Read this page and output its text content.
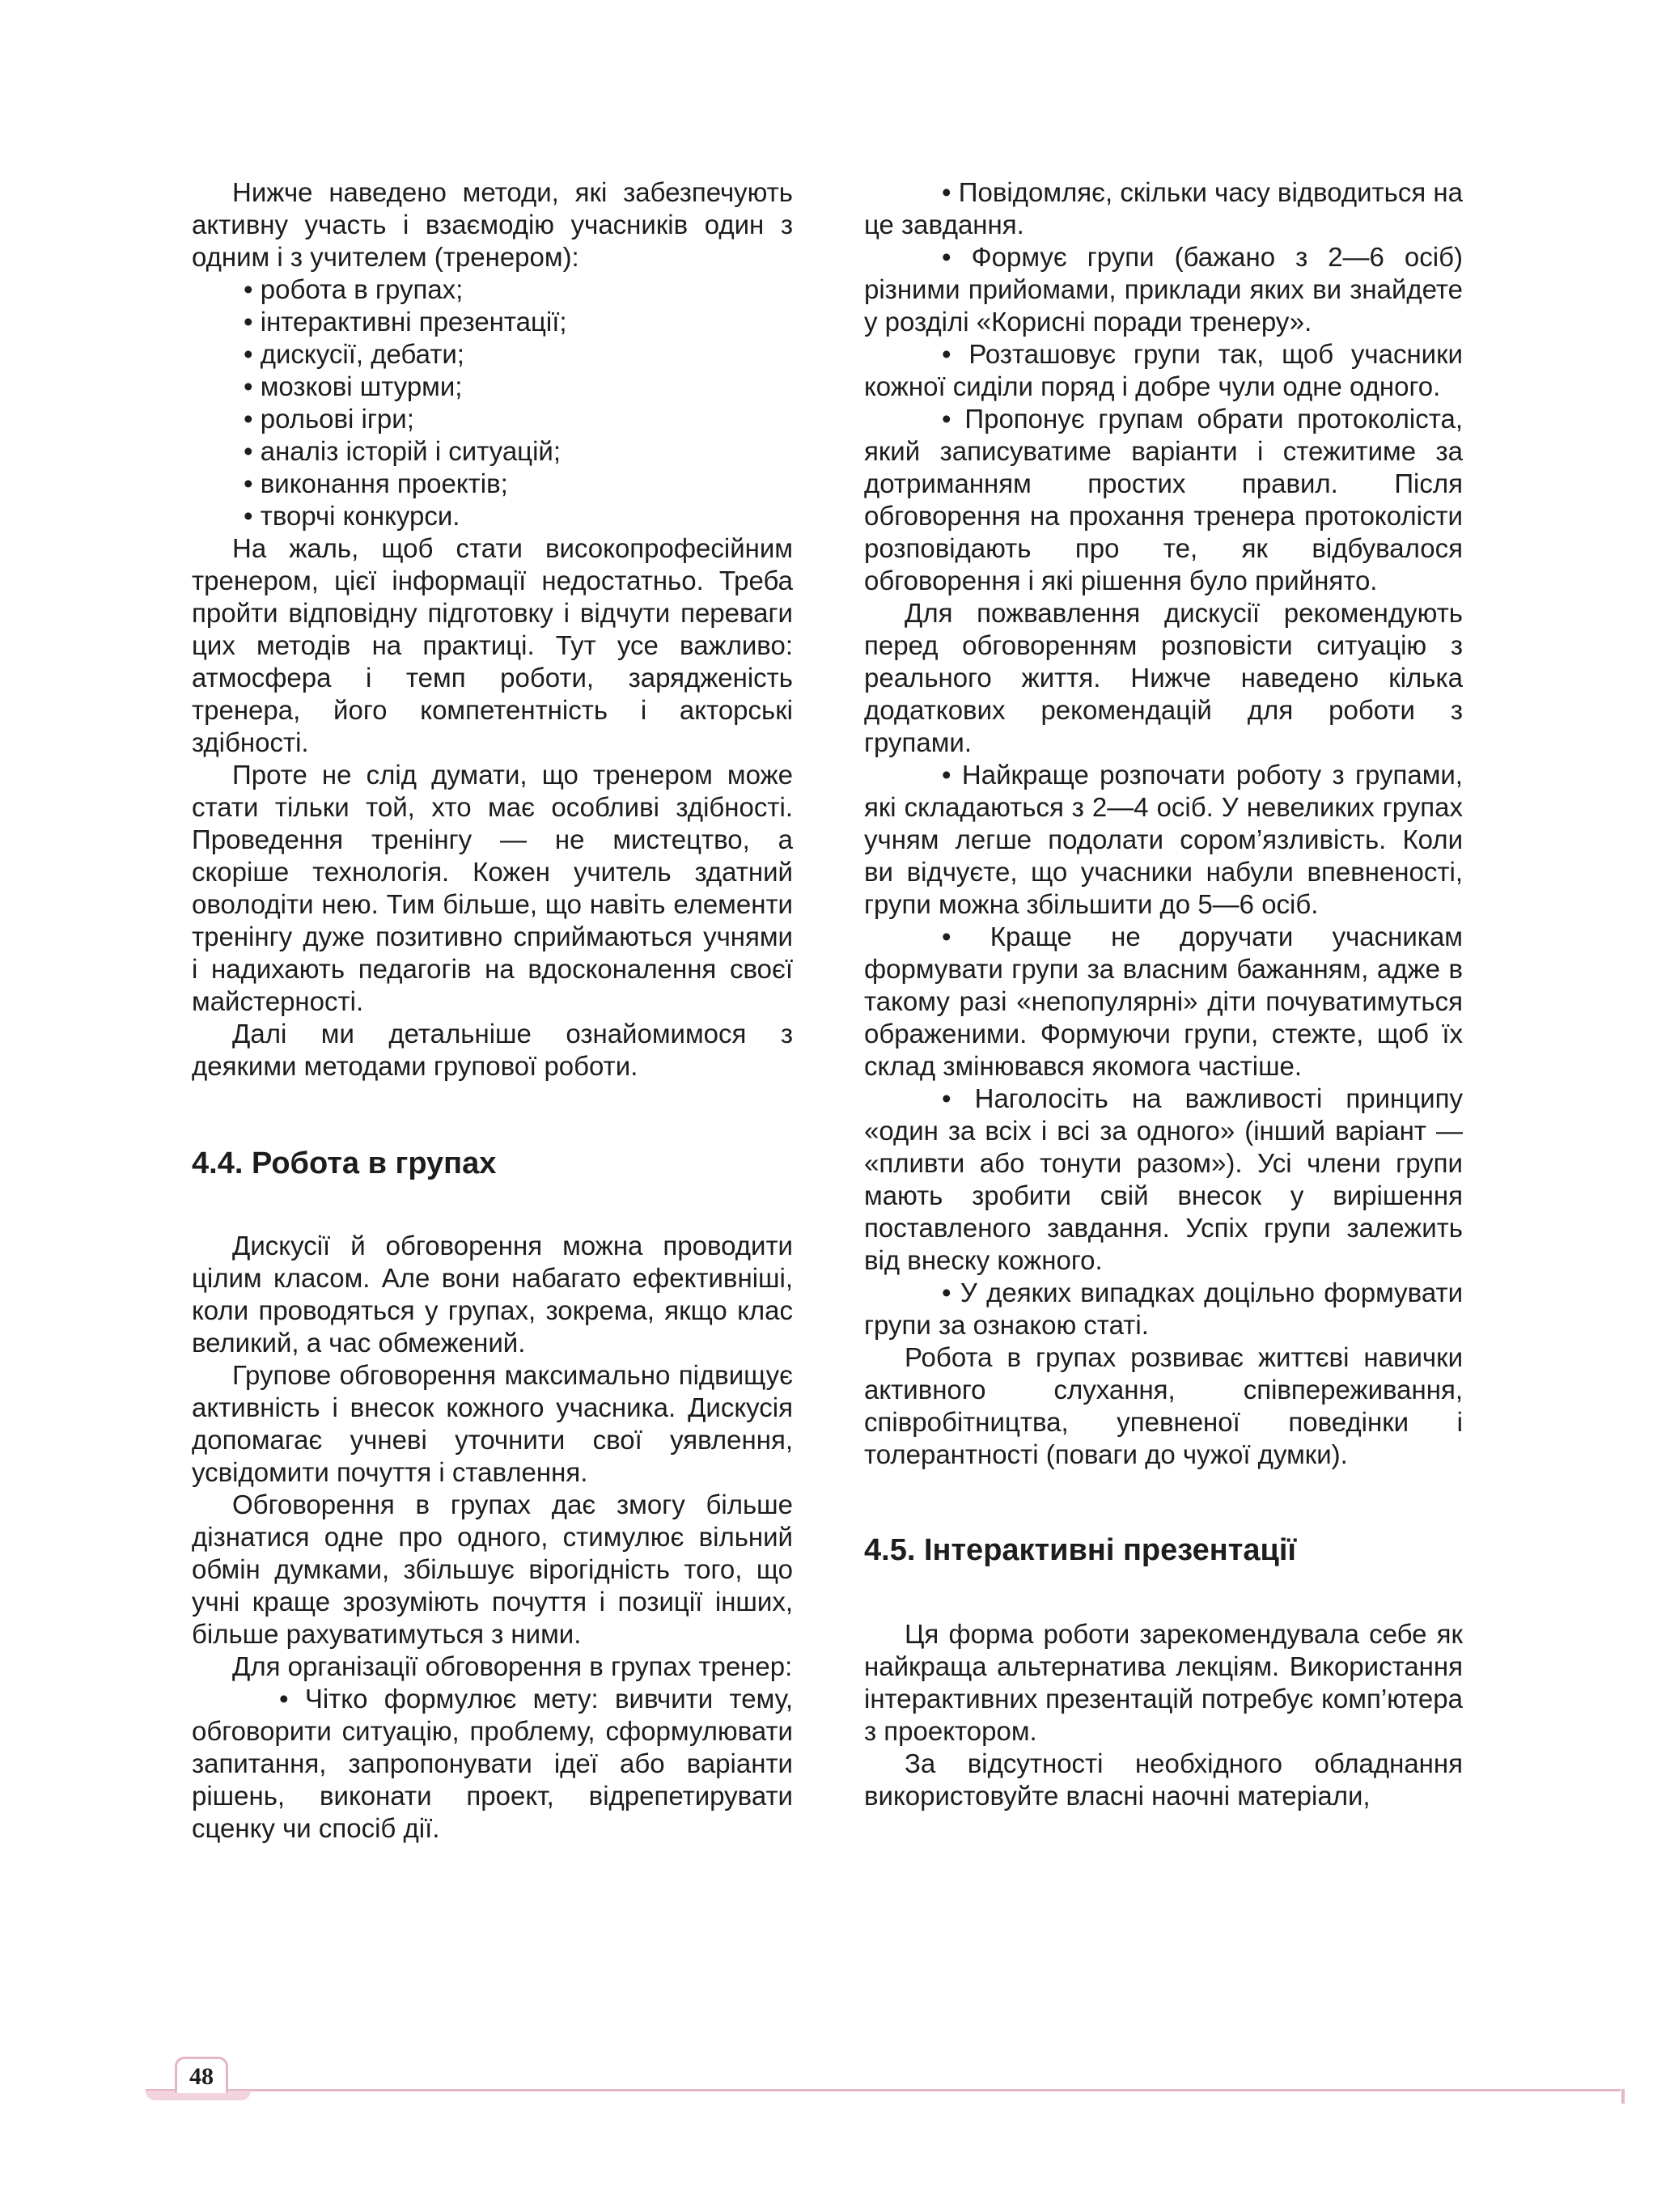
Нижче наведено методи, які забезпечують активну участь і взаємодію учасників один з одним і з учителем (тренером):

• робота в групах;

• інтерактивні презентації;

• дискусії, дебати;

• мозкові штурми;

• рольові ігри;

• аналіз історій і ситуацій;

• виконання проектів;

• творчі конкурси.

На жаль, щоб стати високопрофесійним тренером, цієї інформації недостатньо. Треба пройти відповідну підготовку і відчути переваги цих методів на практиці. Тут усе важливо: атмосфера і темп роботи, зарядженість тренера, його компетентність і акторські здібності.

Проте не слід думати, що тренером може стати тільки той, хто має особливі здібності. Проведення тренінгу — не мистецтво, а скоріше технологія. Кожен учитель здатний оволодіти нею. Тим більше, що навіть елементи тренінгу дуже позитивно сприймаються учнями і надихають педагогів на вдосконалення своєї майстерності.

Далі ми детальніше ознайомимося з деякими методами групової роботи.

4.4. Робота в групах

Дискусії й обговорення можна проводити цілим класом. Але вони набагато ефективніші, коли проводяться у групах, зокрема, якщо клас великий, а час обмежений.

Групове обговорення максимально підвищує активність і внесок кожного учасника. Дискусія допомагає учневі уточнити свої уявлення, усвідомити почуття і ставлення.

Обговорення в групах дає змогу більше дізнатися одне про одного, стимулює вільний обмін думками, збільшує вірогідність того, що учні краще зрозуміють почуття і позиції інших, більше рахуватимуться з ними.

Для організації обговорення в групах тренер:

• Чітко формулює мету: вивчити тему, обговорити ситуацію, проблему, сформулювати запитання, запропонувати ідеї або варіанти рішень, виконати проект, відрепетирувати сценку чи спосіб дії.

• Повідомляє, скільки часу відводиться на це завдання.

• Формує групи (бажано з 2—6 осіб) різними прийомами, приклади яких ви знайдете у розділі «Корисні поради тренеру».

• Розташовує групи так, щоб учасники кожної сиділи поряд і добре чули одне одного.

• Пропонує групам обрати протоколіста, який записуватиме варіанти і стежитиме за дотриманням простих правил. Після обговорення на прохання тренера протоколісти розповідають про те, як відбувалося обговорення і які рішення було прийнято.

Для пожвавлення дискусії рекомендують перед обговоренням розповісти ситуацію з реального життя. Нижче наведено кілька додаткових рекомендацій для роботи з групами.

• Найкраще розпочати роботу з групами, які складаються з 2—4 осіб. У невеликих групах учням легше подолати сором’язливість. Коли ви відчуєте, що учасники набули впевненості, групи можна збільшити до 5—6 осіб.

• Краще не доручати учасникам формувати групи за власним бажанням, адже в такому разі «непопулярні» діти почуватимуться ображеними. Формуючи групи, стежте, щоб їх склад змінювався якомога частіше.

• Наголосіть на важливості принципу «один за всіх і всі за одного» (інший варіант — «пливти або тонути разом»). Усі члени групи мають зробити свій внесок у вирішення поставленого завдання. Успіх групи залежить від внеску кожного.

• У деяких випадках доцільно формувати групи за ознакою статі.

Робота в групах розвиває життєві навички активного слухання, співпереживання, співробітництва, упевненої поведінки і толерантності (поваги до чужої думки).

4.5. Інтерактивні презентації

Ця форма роботи зарекомендувала себе як найкраща альтернатива лекціям. Використання інтерактивних презентацій потребує комп’ютера з проектором.

За відсутності необхідного обладнання використовуйте власні наочні матеріали,

48
